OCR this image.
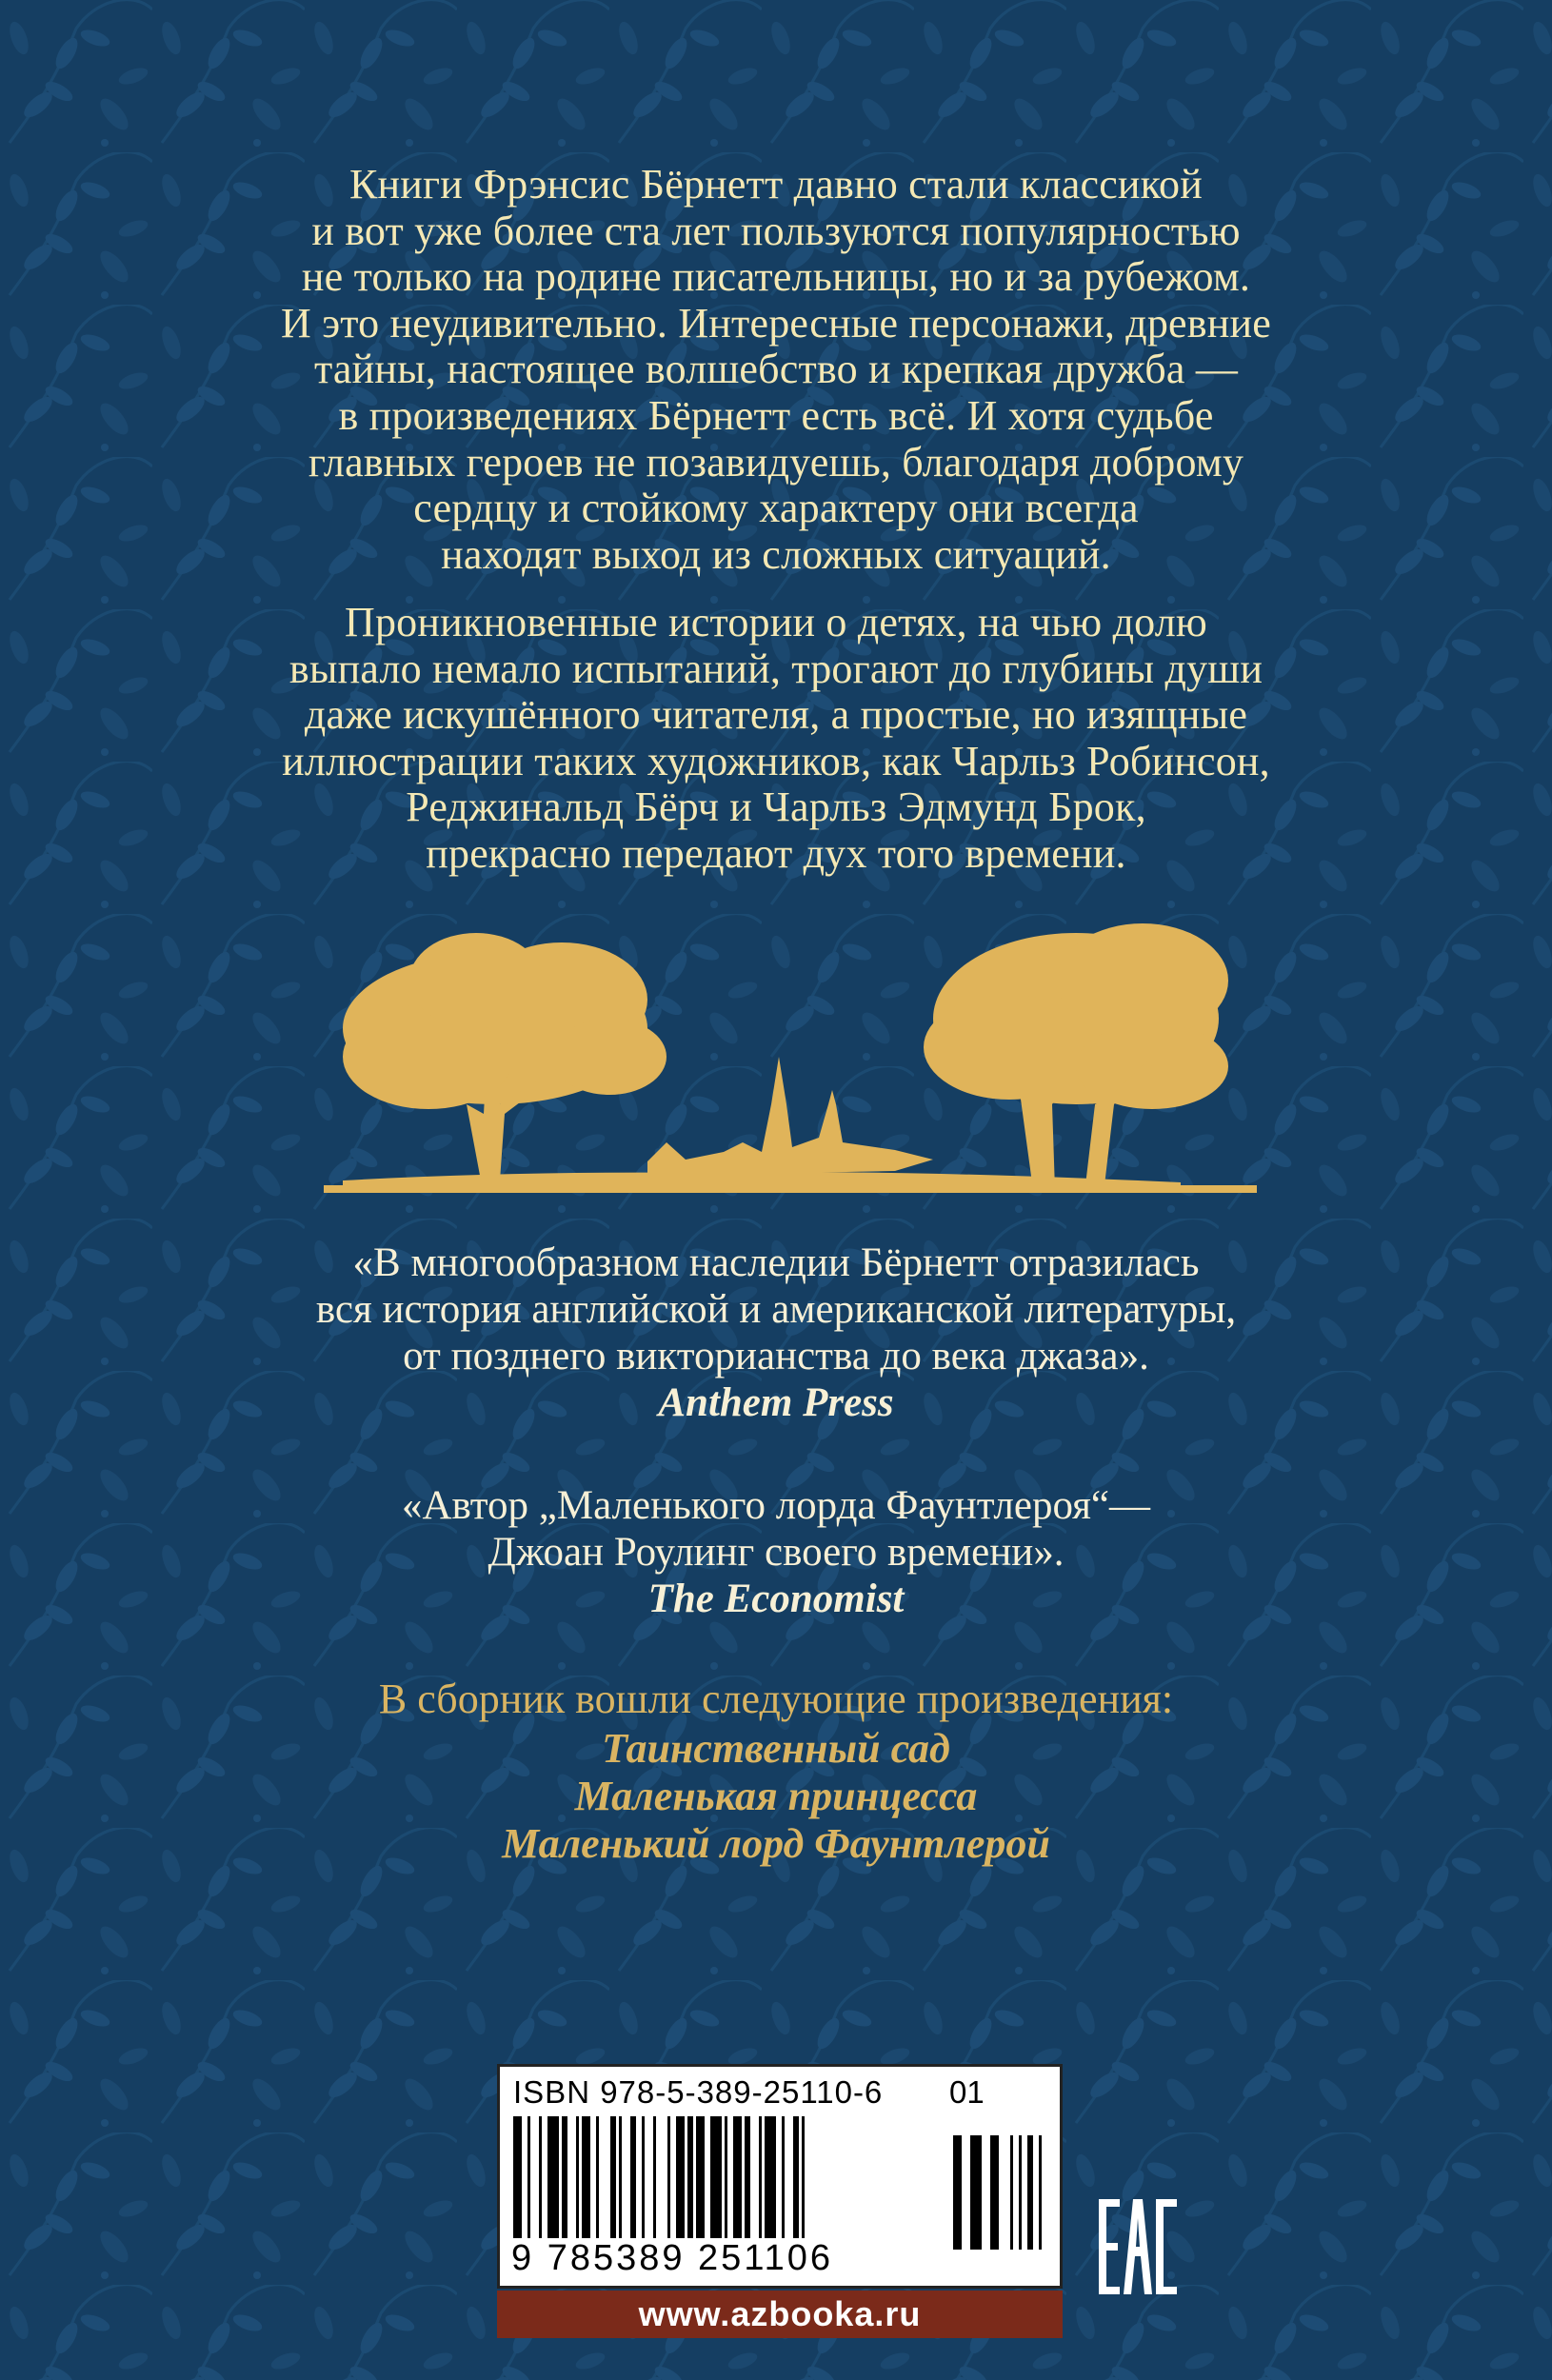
Книги Фрэнсис Бёрнетт давно стали классикой
и вот уже более ста лет пользуются популярностью
не только на родине писательницы, но и за рубежом.
И это неудивительно. Интересные персонажи, древние
тайны, настоящее волшебство и крепкая дружба —
в произведениях Бёрнетт есть всё. И хотя судьбе
главных героев не позавидуешь, благодаря доброму
сердцу и стойкому характеру они всегда
находят выход из сложных ситуаций.
Проникновенные истории о детях, на чью долю
выпало немало испытаний, трогают до глубины души
даже искушённого читателя, а простые, но изящные
иллюстрации таких художников, как Чарльз Робинсон,
Реджинальд Бёрч и Чарльз Эдмунд Брок,
прекрасно передают дух того времени.
«В многообразном наследии Бёрнетт отразилась
вся история английской и американской литературы,
от позднего викторианства до века джаза».
Anthem Press
«Автор „Маленького лорда Фаунтлероя“—
Джоан Роулинг своего времени».
The Economist
В сборник вошли следующие произведения:
Таинственный сад
Маленькая принцесса
Маленький лорд Фаунтлерой
ISBN 978-5-389-25110-6 01
9 785389 251106
www.azbooka.ru
